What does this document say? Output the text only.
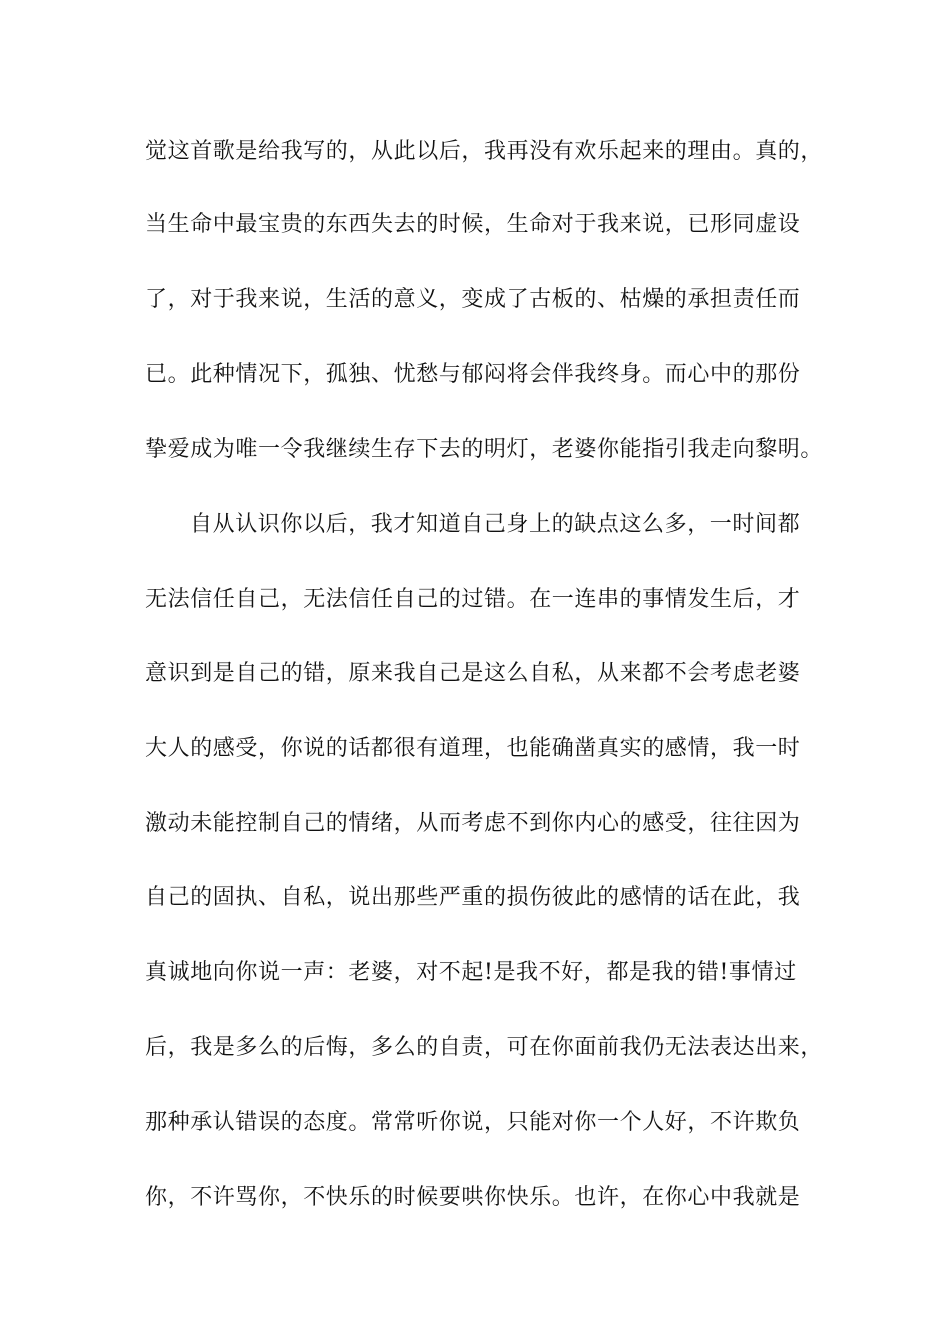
觉这首歌是给我写的，从此以后，我再没有欢乐起来的理由。真的，
当生命中最宝贵的东西失去的时候，生命对于我来说，已形同虚设
了，对于我来说，生活的意义，变成了古板的、枯燥的承担责任而
已。此种情况下，孤独、忧愁与郁闷将会伴我终身。而心中的那份
挚爱成为唯一令我继续生存下去的明灯，老婆你能指引我走向黎明。
自从认识你以后，我才知道自己身上的缺点这么多，一时间都
无法信任自己，无法信任自己的过错。在一连串的事情发生后，才
意识到是自己的错，原来我自己是这么自私，从来都不会考虑老婆
大人的感受，你说的话都很有道理，也能确凿真实的感情，我一时
激动未能控制自己的情绪，从而考虑不到你内心的感受，往往因为
自己的固执、自私，说出那些严重的损伤彼此的感情的话在此，我
真诚地向你说一声：老婆，对不起!是我不好，都是我的错!事情过
后，我是多么的后悔，多么的自责，可在你面前我仍无法表达出来，
那种承认错误的态度。常常听你说，只能对你一个人好，不许欺负
你，不许骂你，不快乐的时候要哄你快乐。也许，在你心中我就是
